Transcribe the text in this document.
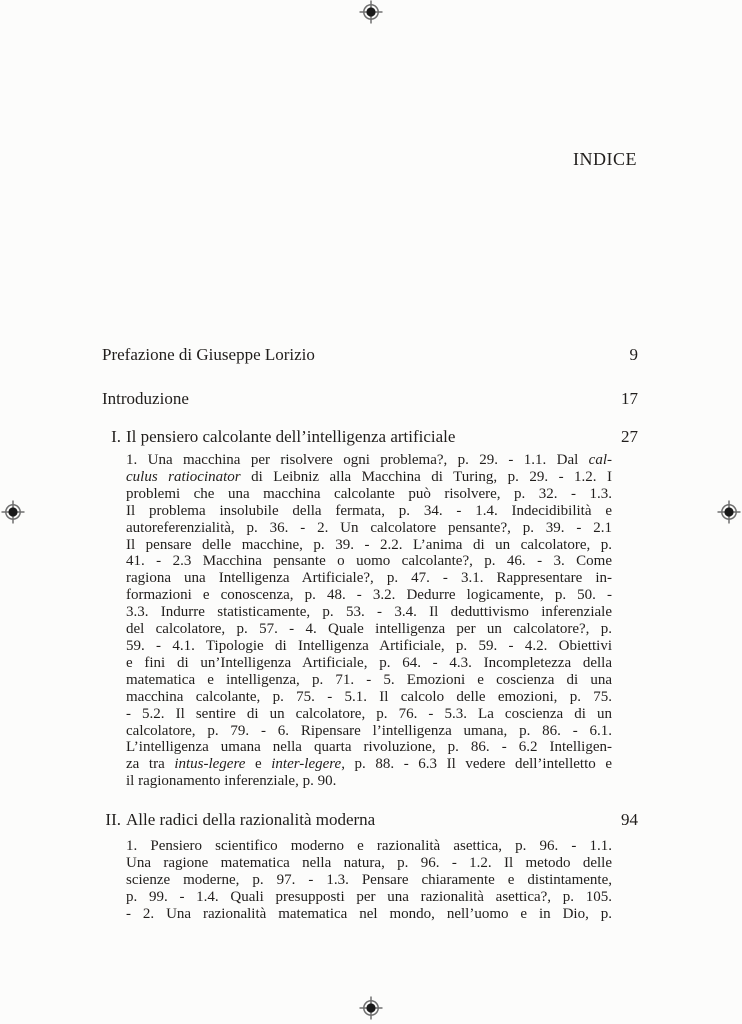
INDICE
Prefazione di Giuseppe Lorizio	9
Introduzione	17
I. Il pensiero calcolante dell’intelligenza artificiale	27
1. Una macchina per risolvere ogni problema?, p. 29. - 1.1. Dal cal-
culus ratiocinator di Leibniz alla Macchina di Turing, p. 29. - 1.2. I
problemi che una macchina calcolante può risolvere, p. 32. - 1.3.
Il problema insolubile della fermata, p. 34. - 1.4. Indecidibilità e
autoreferenzialità, p. 36. - 2. Un calcolatore pensante?, p. 39. - 2.1
Il pensare delle macchine, p. 39. - 2.2. L’anima di un calcolatore, p.
41. - 2.3 Macchina pensante o uomo calcolante?, p. 46. - 3. Come
ragiona una Intelligenza Artificiale?, p. 47. - 3.1. Rappresentare in-
formazioni e conoscenza, p. 48. - 3.2. Dedurre logicamente, p. 50. -
3.3. Indurre statisticamente, p. 53. - 3.4. Il deduttivismo inferenziale
del calcolatore, p. 57. - 4. Quale intelligenza per un calcolatore?, p.
59. - 4.1. Tipologie di Intelligenza Artificiale, p. 59. - 4.2. Obiettivi
e fini di un’Intelligenza Artificiale, p. 64. - 4.3. Incompletezza della
matematica e intelligenza, p. 71. - 5. Emozioni e coscienza di una
macchina calcolante, p. 75. - 5.1. Il calcolo delle emozioni, p. 75.
- 5.2. Il sentire di un calcolatore, p. 76. - 5.3. La coscienza di un
calcolatore, p. 79. - 6. Ripensare l’intelligenza umana, p. 86. - 6.1.
L’intelligenza umana nella quarta rivoluzione, p. 86. - 6.2 Intelligen-
za tra intus-legere e inter-legere, p. 88. - 6.3 Il vedere dell’intelletto e
il ragionamento inferenziale, p. 90.
II. Alle radici della razionalità moderna	94
1. Pensiero scientifico moderno e razionalità asettica, p. 96. - 1.1.
Una ragione matematica nella natura, p. 96. - 1.2. Il metodo delle
scienze moderne, p. 97. - 1.3. Pensare chiaramente e distintamente,
p. 99. - 1.4. Quali presupposti per una razionalità asettica?, p. 105.
- 2. Una razionalità matematica nel mondo, nell’uomo e in Dio, p.
